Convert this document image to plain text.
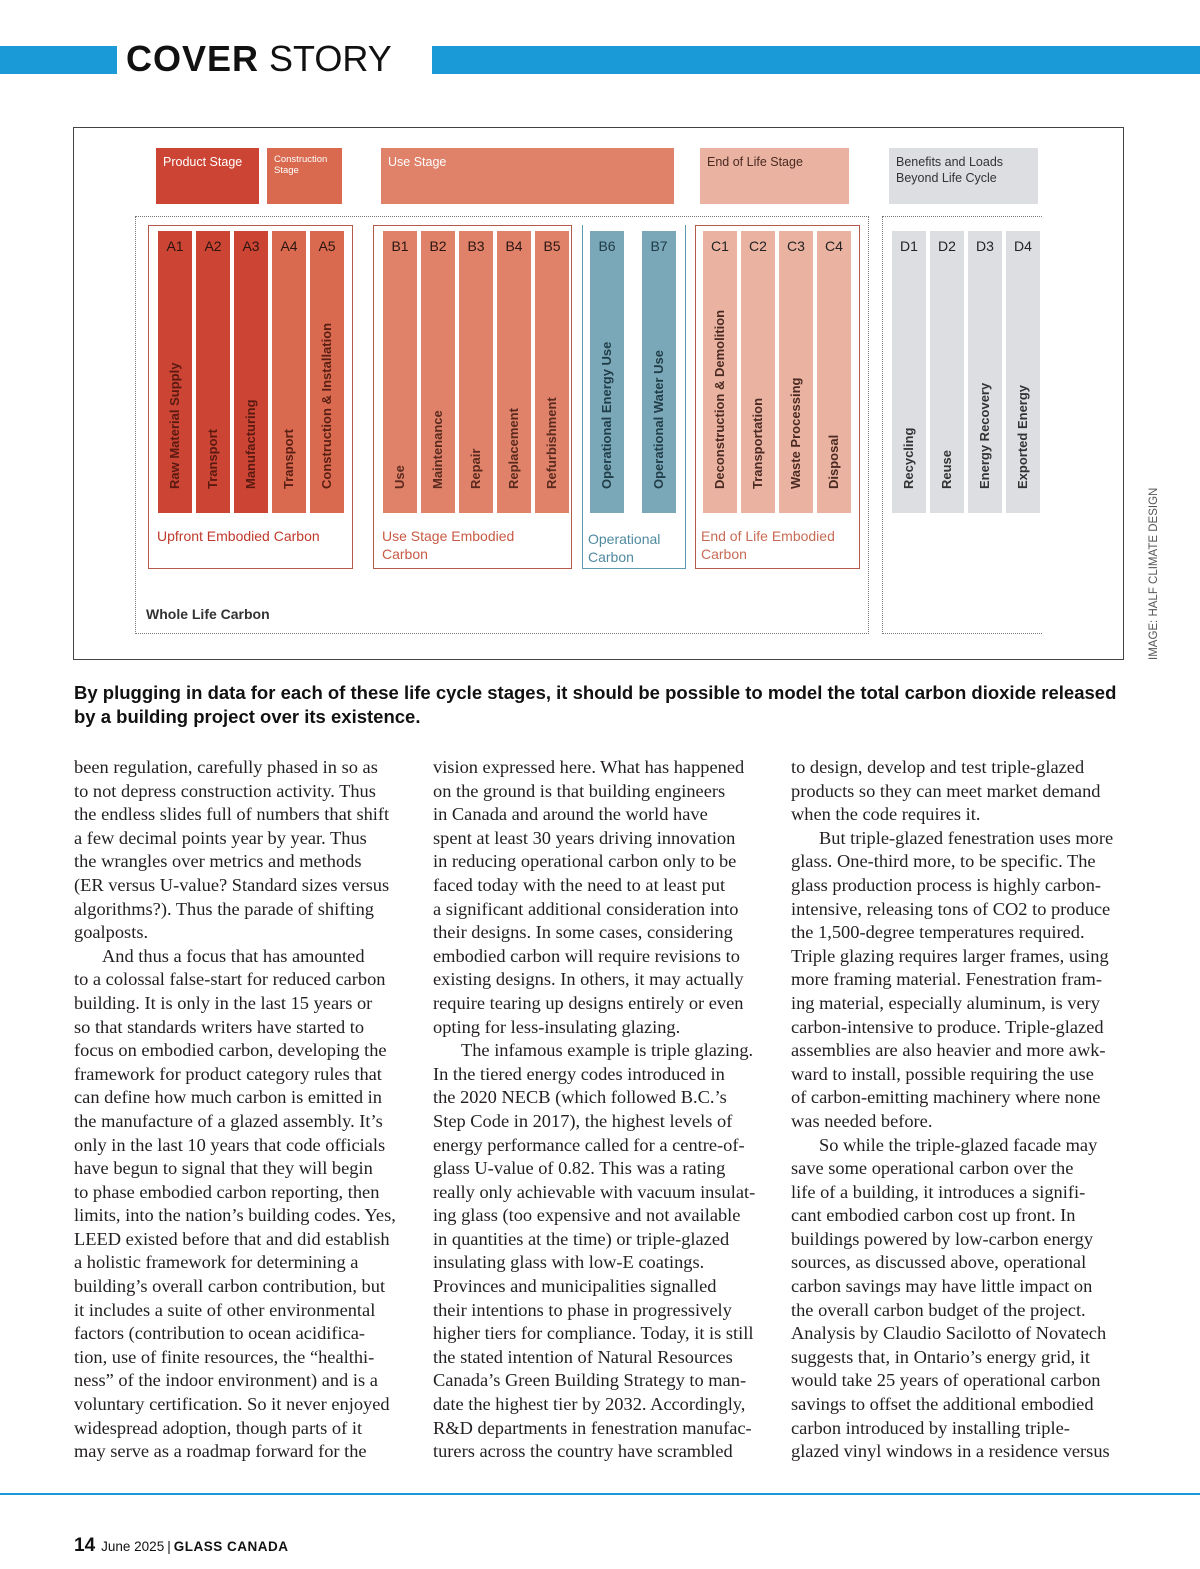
COVER STORY
IMAGE: HALF CLIMATE DESIGN
Product Stage	Construction Stage
Use Stage	End of Life Stage	Benefits and Loads Beyond Life Cycle
Upfront Embodied Carbon	Use Stage Embodied Carbon
Operational Carbon
End of Life Embodied Carbon
Whole Life Carbon
A1
Raw Material Supply
A2
Transport
A3
Manufacturing
A4
Transport
A5
Construction & Installation
B1
Use
B2
Maintenance
B3
Repair
B4
Replacement
B5
Refurbishment
B6
Operational Energy Use
B7
Operational Water Use
C1
Deconstruction & Demolition
C2
Transportation
C3
Waste Processing
C4
Disposal
D1
Recycling
D2
Reuse
D3
Energy Recovery
D4
Exported Energy
By plugging in data for each of these life cycle stages, it should be possible to model the total carbon dioxide released by a building project over its existence.
been regulation, carefully phased in so as
to not depress construction activity. Thus
the endless slides full of numbers that shift
a few decimal points year by year. Thus
the wrangles over metrics and methods
(ER versus U-value? Standard sizes versus
algorithms?). Thus the parade of shifting
goalposts.
And thus a focus that has amounted
to a colossal false-start for reduced carbon
building. It is only in the last 15 years or
so that standards writers have started to
focus on embodied carbon, developing the
framework for product category rules that
can define how much carbon is emitted in
the manufacture of a glazed assembly. It’s
only in the last 10 years that code officials
have begun to signal that they will begin
to phase embodied carbon reporting, then
limits, into the nation’s building codes. Yes,
LEED existed before that and did establish
a holistic framework for determining a
building’s overall carbon contribution, but
it includes a suite of other environmental
factors (contribution to ocean acidifica-
tion, use of finite resources, the “healthi-
ness” of the indoor environment) and is a
voluntary certification. So it never enjoyed
widespread adoption, though parts of it
may serve as a roadmap forward for the
vision expressed here. What has happened
on the ground is that building engineers
in Canada and around the world have
spent at least 30 years driving innovation
in reducing operational carbon only to be
faced today with the need to at least put
a significant additional consideration into
their designs. In some cases, considering
embodied carbon will require revisions to
existing designs. In others, it may actually
require tearing up designs entirely or even
opting for less-insulating glazing.
The infamous example is triple glazing.
In the tiered energy codes introduced in
the 2020 NECB (which followed B.C.’s
Step Code in 2017), the highest levels of
energy performance called for a centre-of-
glass U-value of 0.82. This was a rating
really only achievable with vacuum insulat-
ing glass (too expensive and not available
in quantities at the time) or triple-glazed
insulating glass with low-E coatings.
Provinces and municipalities signalled
their intentions to phase in progressively
higher tiers for compliance. Today, it is still
the stated intention of Natural Resources
Canada’s Green Building Strategy to man-
date the highest tier by 2032. Accordingly,
R&D departments in fenestration manufac-
turers across the country have scrambled
to design, develop and test triple-glazed
products so they can meet market demand
when the code requires it.
But triple-glazed fenestration uses more
glass. One-third more, to be specific. The
glass production process is highly carbon-
intensive, releasing tons of CO2 to produce
the 1,500-degree temperatures required.
Triple glazing requires larger frames, using
more framing material. Fenestration fram-
ing material, especially aluminum, is very
carbon-intensive to produce. Triple-glazed
assemblies are also heavier and more awk-
ward to install, possible requiring the use
of carbon-emitting machinery where none
was needed before.
So while the triple-glazed facade may
save some operational carbon over the
life of a building, it introduces a signifi-
cant embodied carbon cost up front. In
buildings powered by low-carbon energy
sources, as discussed above, operational
carbon savings may have little impact on
the overall carbon budget of the project.
Analysis by Claudio Sacilotto of Novatech
suggests that, in Ontario’s energy grid, it
would take 25 years of operational carbon
savings to offset the additional embodied
carbon introduced by installing triple-
glazed vinyl windows in a residence versus
14 June 2025 | GLASS CANADA
